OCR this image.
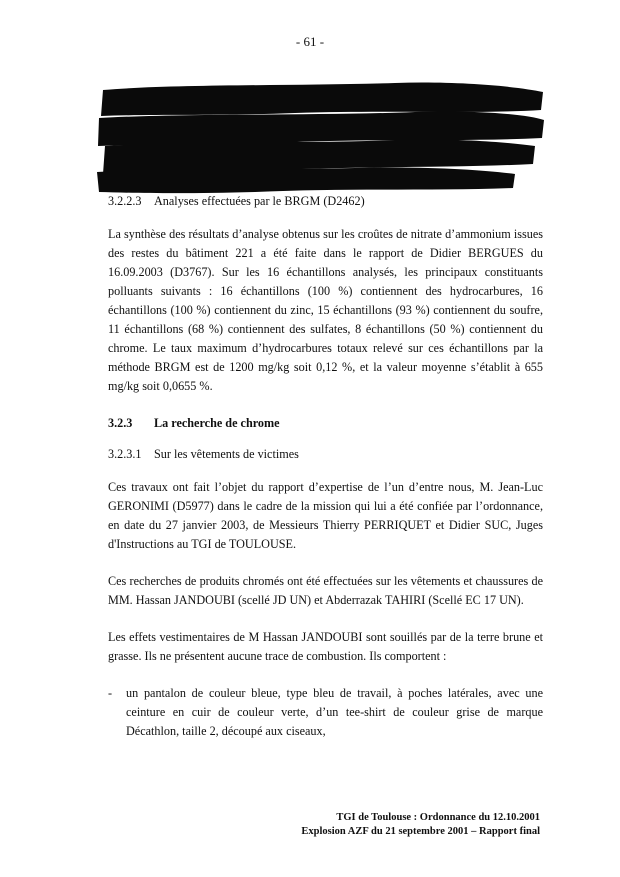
- 61 -

3.2.2.3 Analyses effectuées par le BRGM (D2462)

La synthèse des résultats d’analyse obtenus sur les croûtes de nitrate d’ammonium issues des restes du bâtiment 221 a été faite dans le rapport de Didier BERGUES du 16.09.2003 (D3767). Sur les 16 échantillons analysés, les principaux constituants polluants suivants : 16 échantillons (100 %) contiennent des hydrocarbures, 16 échantillons (100 %) contiennent du zinc, 15 échantillons (93 %) contiennent du soufre, 11 échantillons (68 %) contiennent des sulfates, 8 échantillons (50 %) contiennent du chrome. Le taux maximum d’hydrocarbures totaux relevé sur ces échantillons par la méthode BRGM est de 1200 mg/kg soit 0,12 %, et la valeur moyenne s’établit à 655 mg/kg soit 0,0655 %.

3.2.3 La recherche de chrome

3.2.3.1 Sur les vêtements de victimes

Ces travaux ont fait l’objet du rapport d’expertise de l’un d’entre nous, M. Jean-Luc GERONIMI (D5977) dans le cadre de la mission qui lui a été confiée par l’ordonnance, en date du 27 janvier 2003, de Messieurs Thierry PERRIQUET et Didier SUC, Juges d'Instructions au TGI de TOULOUSE.

Ces recherches de produits chromés ont été effectuées sur les vêtements et chaussures de MM. Hassan JANDOUBI (scellé JD UN) et Abderrazak TAHIRI (Scellé EC 17 UN).

Les effets vestimentaires de M Hassan JANDOUBI sont souillés par de la terre brune et grasse. Ils ne présentent aucune trace de combustion. Ils comportent :

- un pantalon de couleur bleue, type bleu de travail, à poches latérales, avec une ceinture en cuir de couleur verte, d’un tee-shirt de couleur grise de marque Décathlon, taille 2, découpé aux ciseaux,

TGI de Toulouse : Ordonnance du 12.10.2001
Explosion AZF du 21 septembre 2001 – Rapport final
